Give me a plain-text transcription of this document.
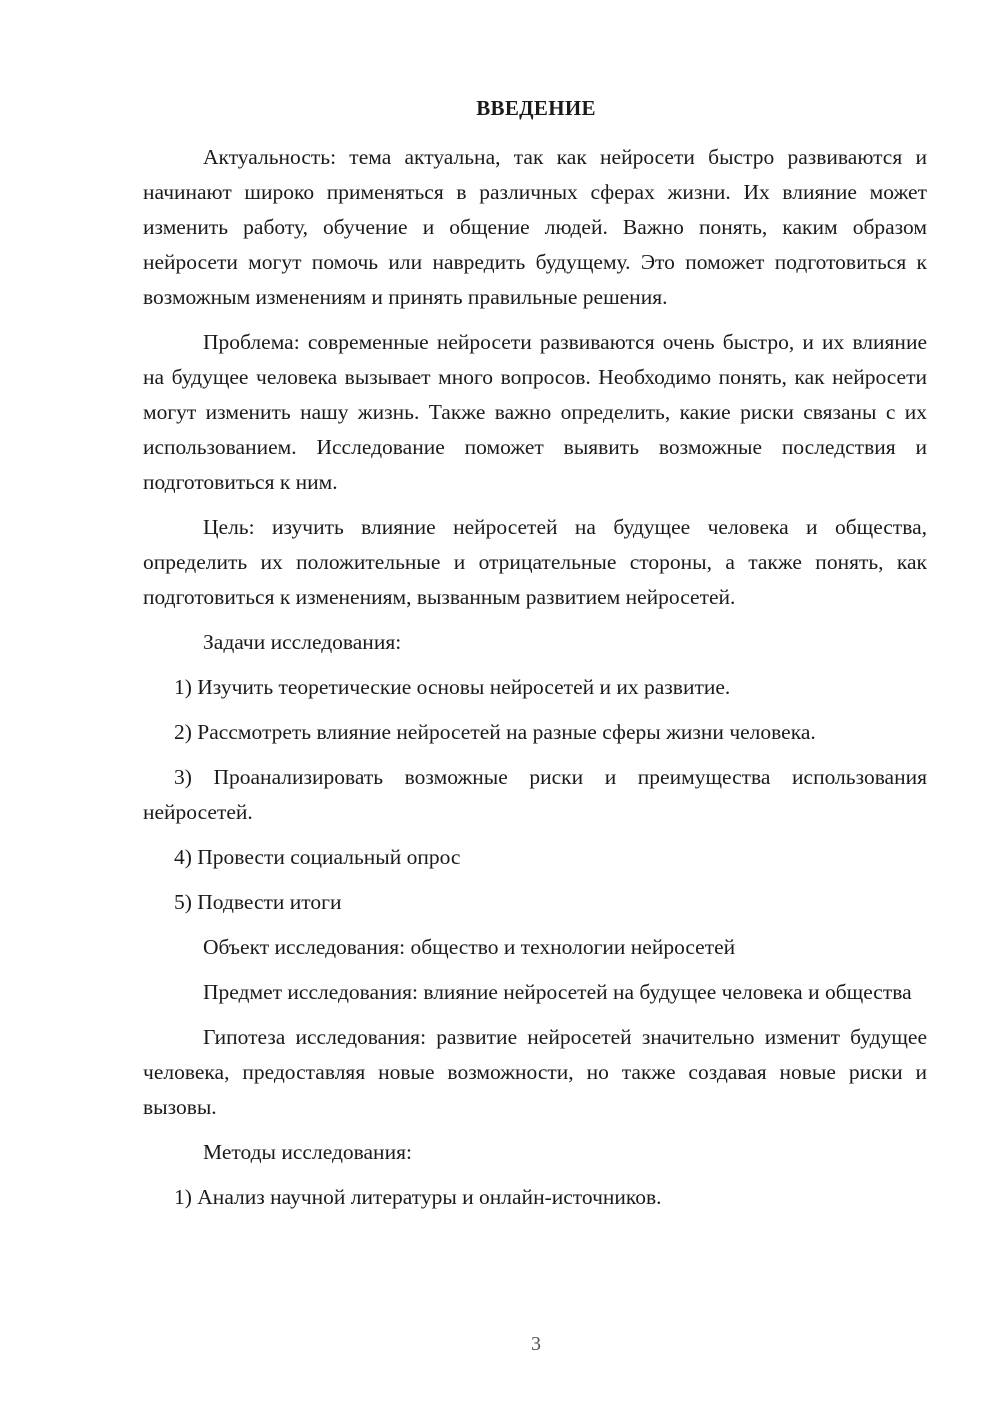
ВВЕДЕНИЕ

Актуальность: тема актуальна, так как нейросети быстро развиваются и начинают широко применяться в различных сферах жизни. Их влияние может изменить работу, обучение и общение людей. Важно понять, каким образом нейросети могут помочь или навредить будущему. Это поможет подготовиться к возможным изменениям и принять правильные решения.

Проблема: современные нейросети развиваются очень быстро, и их влияние на будущее человека вызывает много вопросов. Необходимо понять, как нейросети могут изменить нашу жизнь. Также важно определить, какие риски связаны с их использованием. Исследование поможет выявить возможные последствия и подготовиться к ним.

Цель: изучить влияние нейросетей на будущее человека и общества, определить их положительные и отрицательные стороны, а также понять, как подготовиться к изменениям, вызванным развитием нейросетей.

Задачи исследования:

1) Изучить теоретические основы нейросетей и их развитие.

2) Рассмотреть влияние нейросетей на разные сферы жизни человека.

3) Проанализировать возможные риски и преимущества использования нейросетей.

4) Провести социальный опрос

5) Подвести итоги

Объект исследования: общество и технологии нейросетей

Предмет исследования: влияние нейросетей на будущее человека и общества

Гипотеза исследования: развитие нейросетей значительно изменит будущее человека, предоставляя новые возможности, но также создавая новые риски и вызовы.

Методы исследования:

1) Анализ научной литературы и онлайн-источников.

3
